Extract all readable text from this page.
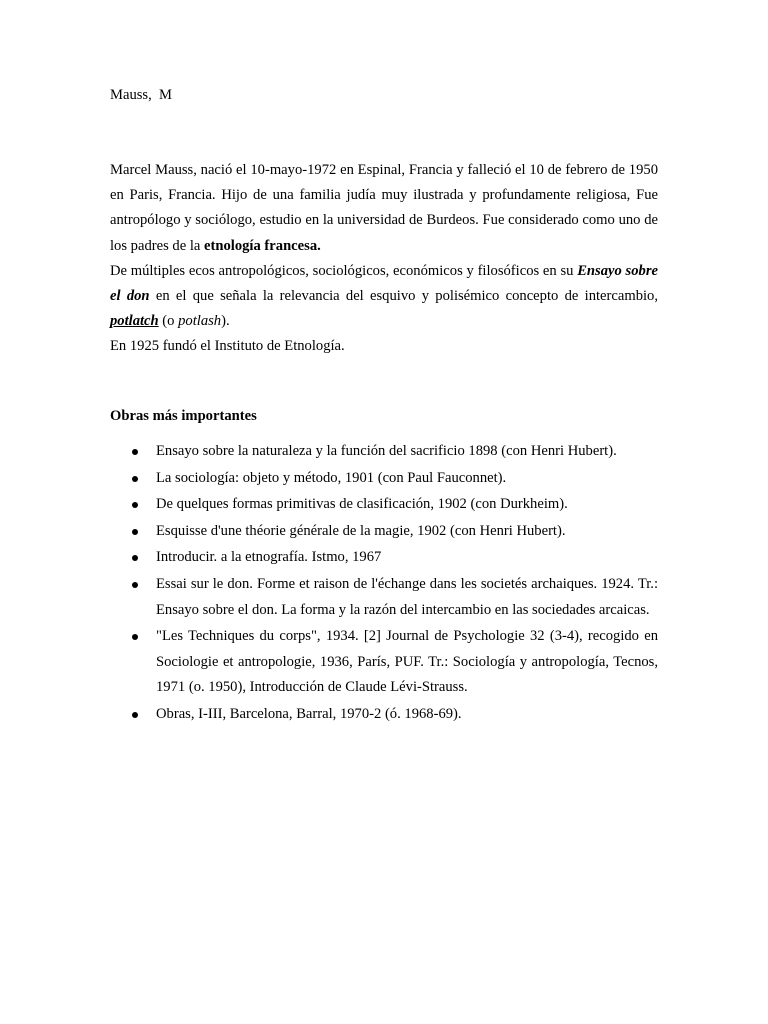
Mauss,  M

Marcel Mauss, nació el 10-mayo-1972 en Espinal, Francia y falleció el 10 de febrero de 1950 en Paris, Francia. Hijo de una familia judía muy ilustrada y profundamente religiosa, Fue antropólogo y sociólogo, estudio en la universidad de Burdeos. Fue considerado como uno de los padres de la etnología francesa.

De múltiples ecos antropológicos, sociológicos, económicos y filosóficos en su Ensayo sobre el don en el que señala la relevancia del esquivo y polisémico concepto de intercambio, potlatch (o potlash).

En 1925 fundó el Instituto de Etnología.

Obras más importantes
Ensayo sobre la naturaleza y la función del sacrificio 1898 (con Henri Hubert).
La sociología: objeto y método, 1901 (con Paul Fauconnet).
De quelques formas primitivas de clasificación, 1902 (con Durkheim).
Esquisse d'une théorie générale de la magie, 1902 (con Henri Hubert).
Introducir. a la etnografía. Istmo, 1967
Essai sur le don. Forme et raison de l'échange dans les societés archaiques. 1924. Tr.: Ensayo sobre el don. La forma y la razón del intercambio en las sociedades arcaicas.
"Les Techniques du corps", 1934. [2] Journal de Psychologie 32 (3-4), recogido en Sociologie et antropologie, 1936, París, PUF. Tr.: Sociología y antropología, Tecnos, 1971 (o. 1950), Introducción de Claude Lévi-Strauss.
Obras, I-III, Barcelona, Barral, 1970-2 (ó. 1968-69).
